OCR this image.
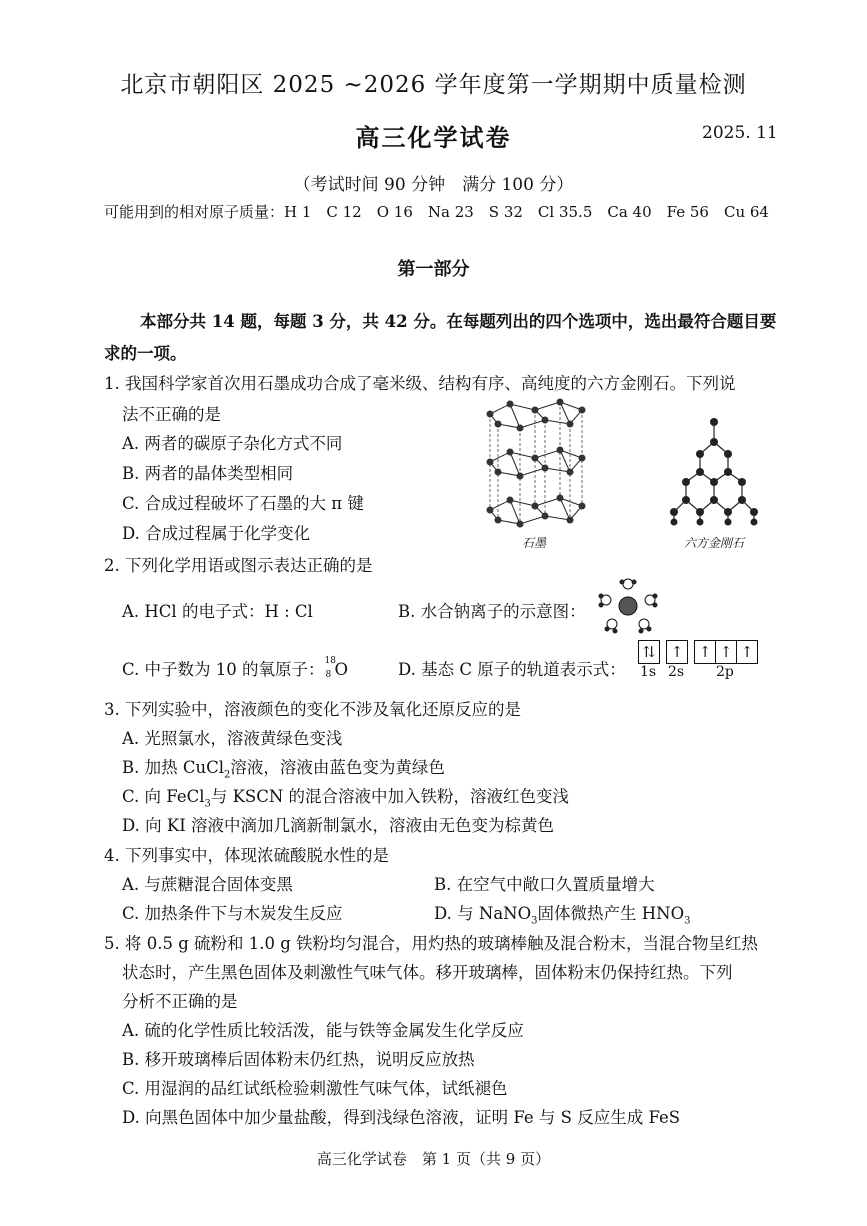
北京市朝阳区 2025 ~2026 学年度第一学期期中质量检测
高三化学试卷	2025. 11
（考试时间 90 分钟　满分 100 分）
可能用到的相对原子质量：H 1　C 12　O 16　Na 23　S 32　Cl 35.5　Ca 40　Fe 56　Cu 64
第一部分
本部分共 14 题，每题 3 分，共 42 分。在每题列出的四个选项中，选出最符合题目要
求的一项。
1. 我国科学家首次用石墨成功合成了毫米级、结构有序、高纯度的六方金刚石。下列说
法不正确的是
A. 两者的碳原子杂化方式不同
B. 两者的晶体类型相同
C. 合成过程破坏了石墨的大 π 键
D. 合成过程属于化学变化	石墨	六方金刚石
2. 下列化学用语或图示表达正确的是
A. HCl 的电子式：H : Cl	B. 水合钠离子的示意图：
C. 中子数为 10 的氧原子： 18
8 O	D. 基态 C 原子的轨道表示式：
⇅	↑	↑ ↑ ↑
1s 2s 2p
3. 下列实验中，溶液颜色的变化不涉及氧化还原反应的是
A. 光照氯水，溶液黄绿色变浅
B. 加热 CuCl$_2$溶液，溶液由蓝色变为黄绿色
C. 向 FeCl$_3$与 KSCN 的混合溶液中加入铁粉，溶液红色变浅
D. 向 KI 溶液中滴加几滴新制氯水，溶液由无色变为棕黄色
4. 下列事实中，体现浓硫酸脱水性的是
A. 与蔗糖混合固体变黑	B. 在空气中敞口久置质量增大
C. 加热条件下与木炭发生反应	D. 与 NaNO$_3$固体微热产生 $HNO_3$
5. 将 0.5 g 硫粉和 1.0 g 铁粉均匀混合，用灼热的玻璃棒触及混合粉末，当混合物呈红热
状态时，产生黑色固体及刺激性气味气体。移开玻璃棒，固体粉末仍保持红热。下列
分析不正确的是
A. 硫的化学性质比较活泼，能与铁等金属发生化学反应
B. 移开玻璃棒后固体粉末仍红热，说明反应放热
C. 用湿润的品红试纸检验刺激性气味气体，试纸褪色
D. 向黑色固体中加少量盐酸，得到浅绿色溶液，证明 Fe 与 S 反应生成 FeS
高三化学试卷　第 1 页（共 9 页）
